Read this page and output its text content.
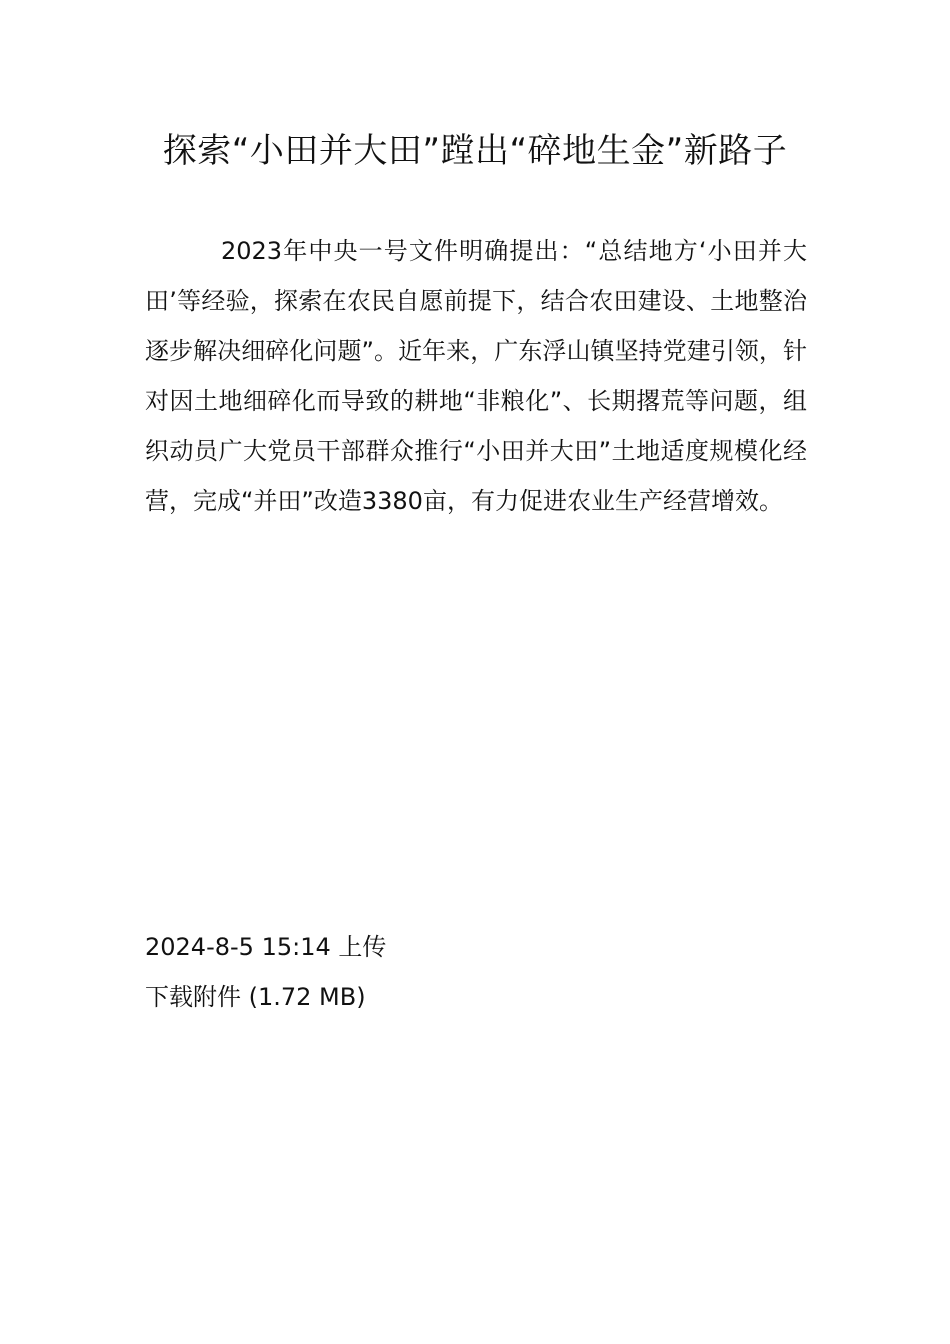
探索“小田并大田”蹚出“碎地生金”新路子

2023年中央一号文件明确提出：“总结地方‘小田并大田’等经验，探索在农民自愿前提下，结合农田建设、土地整治逐步解决细碎化问题”。近年来，广东浮山镇坚持党建引领，针对因土地细碎化而导致的耕地“非粮化”、长期撂荒等问题，组织动员广大党员干部群众推行“小田并大田”土地适度规模化经营，完成“并田”改造3380亩，有力促进农业生产经营增效。

2024-8-5 15:14 上传
下载附件 (1.72 MB)
